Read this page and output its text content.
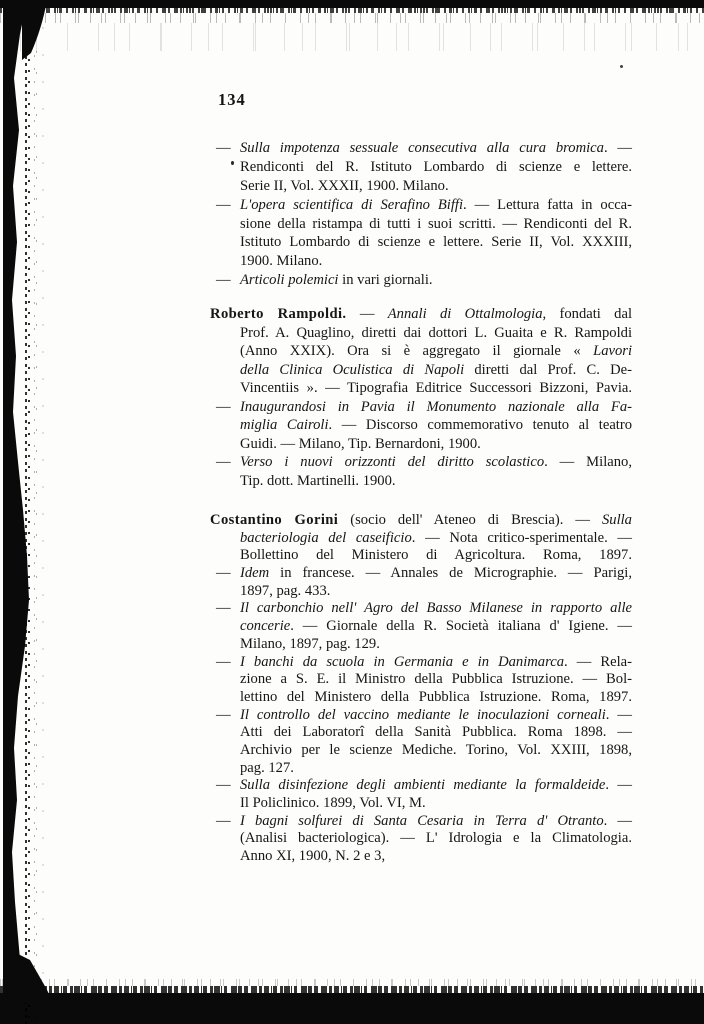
134
— Sulla impotenza sessuale consecutiva alla cura bromica. —
Rendiconti del R. Istituto Lombardo di scienze e lettere.
Serie II, Vol. XXXII, 1900. Milano.
— L'opera scientifica di Serafino Biffi. — Lettura fatta in occa-
sione della ristampa di tutti i suoi scritti. — Rendiconti del R.
Istituto Lombardo di scienze e lettere. Serie II, Vol. XXXIII,
1900. Milano.
— Articoli polemici in vari giornali.
Roberto Rampoldi. — Annali di Ottalmologia, fondati dal
Prof. A. Quaglino, diretti dai dottori L. Guaita e R. Rampoldi
(Anno XXIX). Ora si è aggregato il giornale « Lavori
della Clinica Oculistica di Napoli diretti dal Prof. C. De-
Vincentiis ». — Tipografia Editrice Successori Bizzoni, Pavia.
— Inaugurandosi in Pavia il Monumento nazionale alla Fa-
miglia Cairoli. — Discorso commemorativo tenuto al teatro
Guidi. — Milano, Tip. Bernardoni, 1900.
— Verso i nuovi orizzonti del diritto scolastico. — Milano,
Tip. dott. Martinelli. 1900.
Costantino Gorini (socio dell' Ateneo di Brescia). — Sulla
bacteriologia del caseificio. — Nota critico-sperimentale. —
Bollettino del Ministero di Agricoltura. Roma, 1897.
— Idem in francese. — Annales de Micrographie. — Parigi,
1897, pag. 433.
— Il carbonchio nell' Agro del Basso Milanese in rapporto alle
concerie. — Giornale della R. Società italiana d' Igiene. —
Milano, 1897, pag. 129.
— I banchi da scuola in Germania e in Danimarca. — Rela-
zione a S. E. il Ministro della Pubblica Istruzione. — Bol-
lettino del Ministero della Pubblica Istruzione. Roma, 1897.
— Il controllo del vaccino mediante le inoculazioni corneali. —
Atti dei Laboratorî della Sanità Pubblica. Roma 1898. —
Archivio per le scienze Mediche. Torino, Vol. XXIII, 1898,
pag. 127.
— Sulla disinfezione degli ambienti mediante la formaldeide. —
Il Policlinico. 1899, Vol. VI, M.
— I bagni solfurei di Santa Cesaria in Terra d' Otranto. —
(Analisi bacteriologica). — L' Idrologia e la Climatologia.
Anno XI, 1900, N. 2 e 3,
